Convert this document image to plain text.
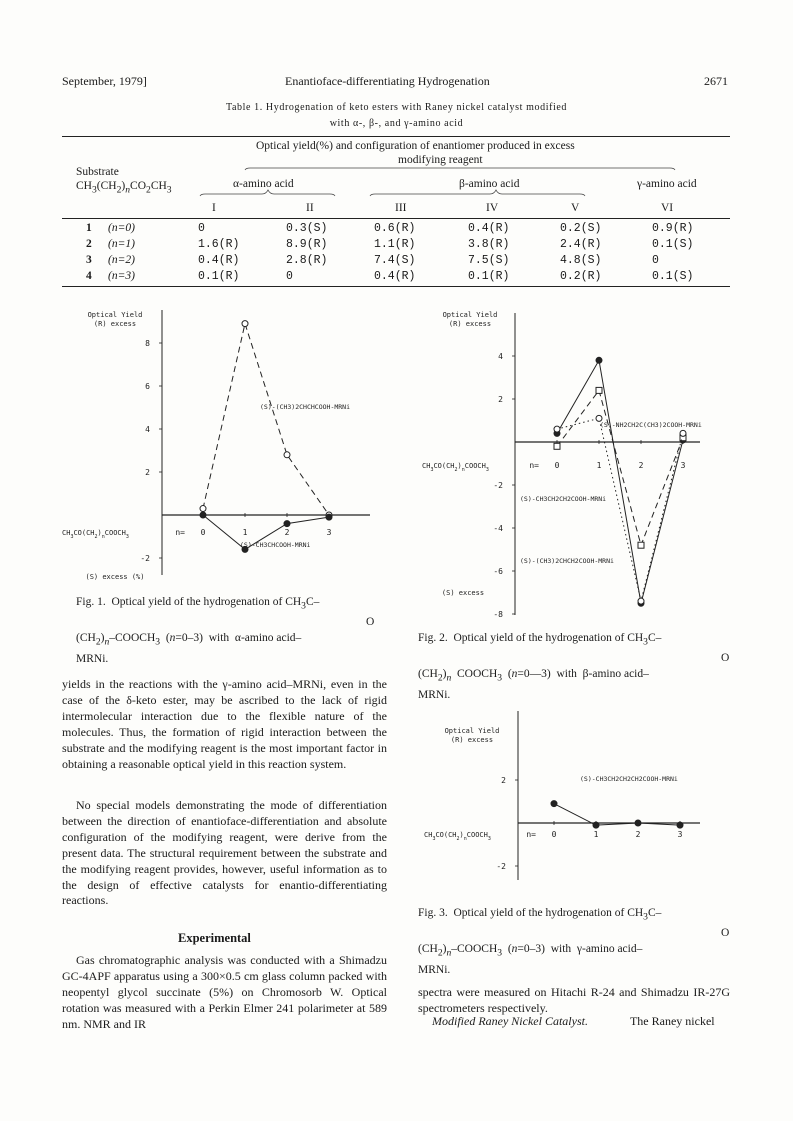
September, 1979]	Enantioface-differentiating Hydrogenation	2671
Table 1. Hydrogenation of keto esters with Raney nickel catalyst modified
with α-, β-, and γ-amino acid
Optical yield(%) and configuration of enantiomer produced in excess
modifying reagent
Substrate
$CH_3(CH_2)_nCO_2CH_3$	α-amino acid	β-amino acid	γ-amino acid
I	II	III	IV	V	VI
1 (n=0)	0	0.3(S)	0.6(R)	0.4(R)	0.2(S)	0.9(R)
2 (n=1)	1.6(R)	8.9(R)	1.1(R)	3.8(R)	2.4(R)	0.1(S)
3 (n=2)	0.4(R)	2.8(R)	7.4(S)	7.5(S)	4.8(S)	0
4 (n=3)	0.1(R)	0	0.4(R)	0.1(R)	0.2(R)	0.1(S)
8
6
4
2
-2
n= 0	1	2	3
Optical Yield
(R) excess
(S) excess (%)
$CH_3CO(CH_2)_nCOOCH_3$
(S)-(CH3)2CHCHCOOH-MRNi
(S)-CH3CHCOOH-MRNi
Fig. 1.  Optical yield of the hydrogenation of $CH_3C-$
O
$(CH_2)_n-COOCH_3$  (n=0–3)  with  α-amino acid–
MRNi.
4
2
-2
-4
-6
-8
n= 0	1	2	3
Optical Yield
(R) excess
(S) excess
$CH_3CO(CH_2)_nCOOCH_3$
(S)-NH2CH2C(CH3)2COOH-MRNi
(S)-CH3CH2CH2COOH-MRNi
(S)-(CH3)2CHCH2COOH-MRNi
Fig. 2.  Optical yield of the hydrogenation of $CH_3C-$
O
$(CH_2)_n$  $COOCH_3$  (n=0—3)  with  β-amino acid–
MRNi.
2
-2
n= 0	1	2	3
Optical Yield
(R) excess
$CH_3CO(CH_2)_nCOOCH_3$
(S)-CH3CH2CH2CH2COOH-MRNi
Fig. 3.  Optical yield of the hydrogenation of $CH_3C-$
O
$(CH_2)_n-COOCH_3$  (n=0–3)  with  γ-amino acid–
MRNi.

yields in the reactions with the γ-amino acid–MRNi, even in the case of the δ-keto ester, may be ascribed to the lack of rigid intermolecular interaction due to the flexible nature of the molecules. Thus, the formation of rigid interaction between the substrate and the modifying reagent is the most important factor in obtaining a reasonable optical yield in this reaction system.

No special models demonstrating the mode of differentiation between the direction of enantioface-differentiation and absolute configuration of the modifying reagent, were derive from the present data. The structural requirement between the substrate and the modifying reagent provides, however, useful information as to the design of effective catalysts for enantio-differentiating reactions.

Experimental

Gas chromatographic analysis was conducted with a Shimadzu GC-4APF apparatus using a 300×0.5 cm glass column packed with neopentyl glycol succinate (5%) on Chromosorb W. Optical rotation was measured with a Perkin Elmer 241 polarimeter at 589 nm. NMR and IR

spectra were measured on Hitachi R-24 and Shimadzu IR-27G spectrometers respectively.

Modified Raney Nickel Catalyst.	The Raney nickel
